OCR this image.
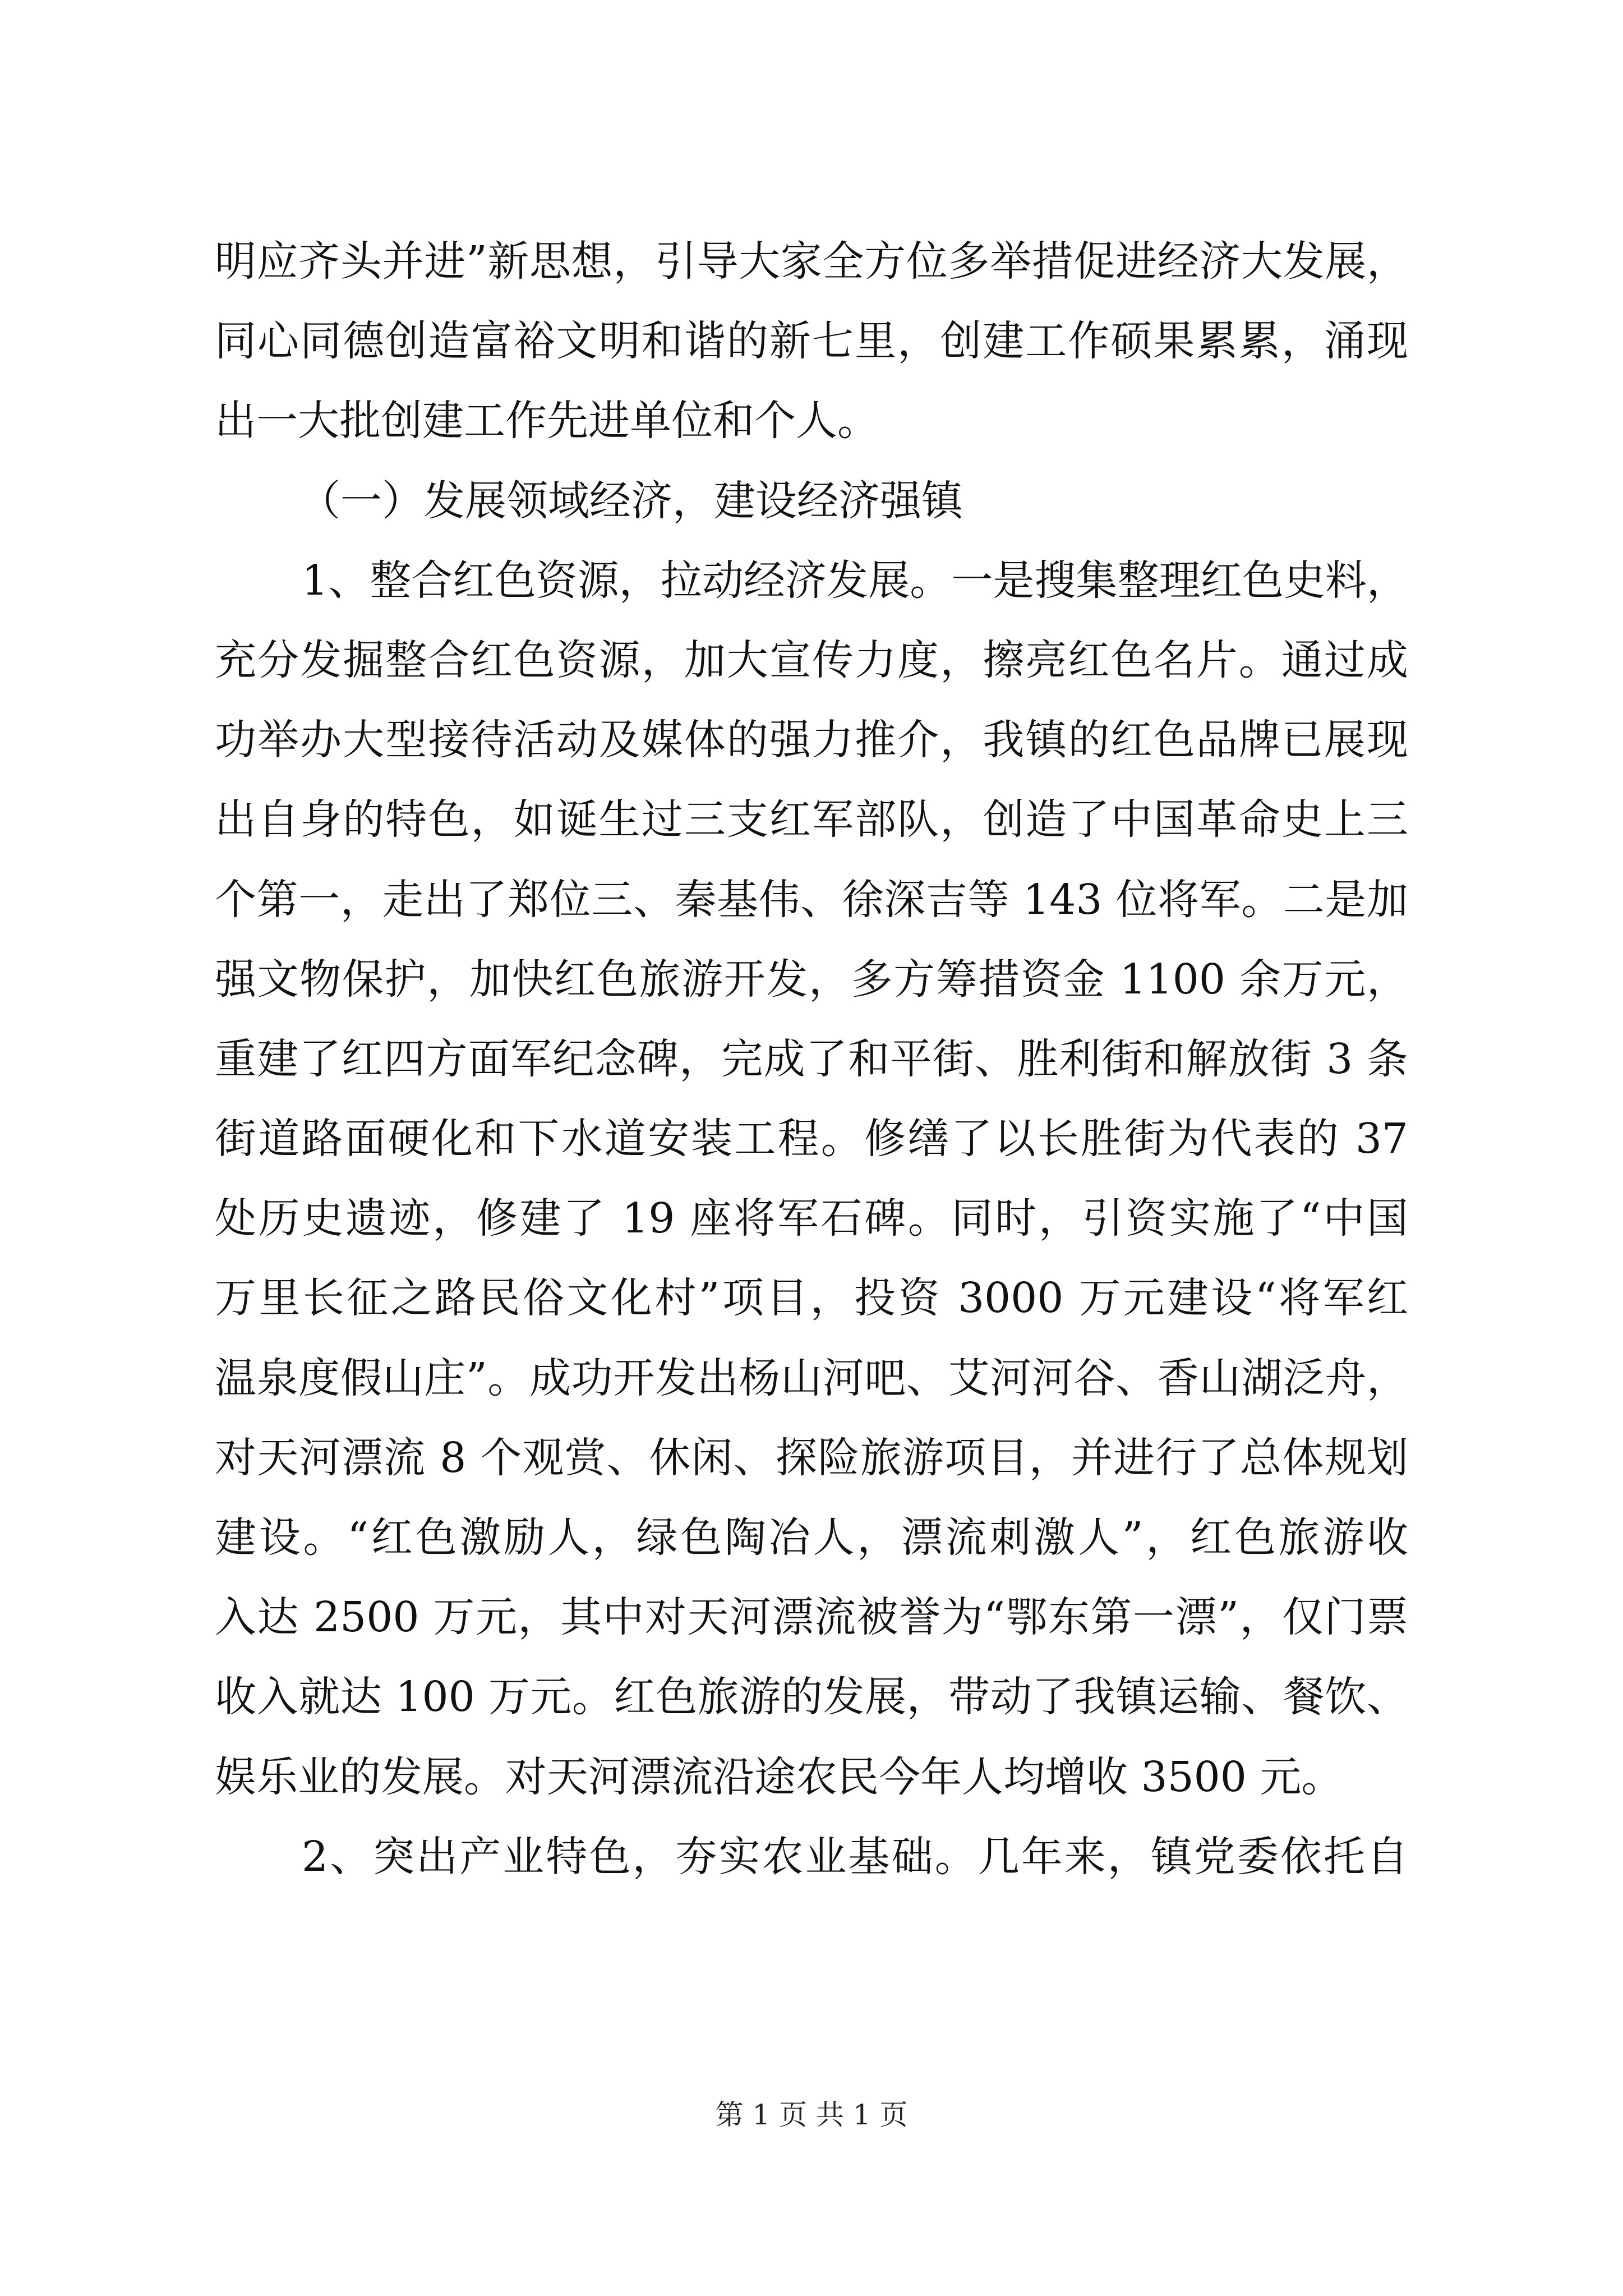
明应齐头并进”新思想，引导大家全方位多举措促进经济大发展，
同心同德创造富裕文明和谐的新七里，创建工作硕果累累，涌现
出一大批创建工作先进单位和个人。
（一）发展领域经济，建设经济强镇
1、整合红色资源，拉动经济发展。一是搜集整理红色史料，
充分发掘整合红色资源，加大宣传力度，擦亮红色名片。通过成
功举办大型接待活动及媒体的强力推介，我镇的红色品牌已展现
出自身的特色，如诞生过三支红军部队，创造了中国革命史上三
个第一，走出了郑位三、秦基伟、徐深吉等 143 位将军。二是加
强文物保护，加快红色旅游开发，多方筹措资金 1100 余万元，
重建了红四方面军纪念碑，完成了和平街、胜利街和解放街 3 条
街道路面硬化和下水道安装工程。修缮了以长胜街为代表的 37
处历史遗迹，修建了 19 座将军石碑。同时，引资实施了“中国
万里长征之路民俗文化村”项目，投资 3000 万元建设“将军红
温泉度假山庄”。成功开发出杨山河吧、艾河河谷、香山湖泛舟，
对天河漂流 8 个观赏、休闲、探险旅游项目，并进行了总体规划
建设。“红色激励人，绿色陶冶人，漂流刺激人”，红色旅游收
入达 2500 万元，其中对天河漂流被誉为“鄂东第一漂”，仅门票
收入就达 100 万元。红色旅游的发展，带动了我镇运输、餐饮、
娱乐业的发展。对天河漂流沿途农民今年人均增收 3500 元。
2、突出产业特色，夯实农业基础。几年来，镇党委依托自
第 1 页 共 1 页
